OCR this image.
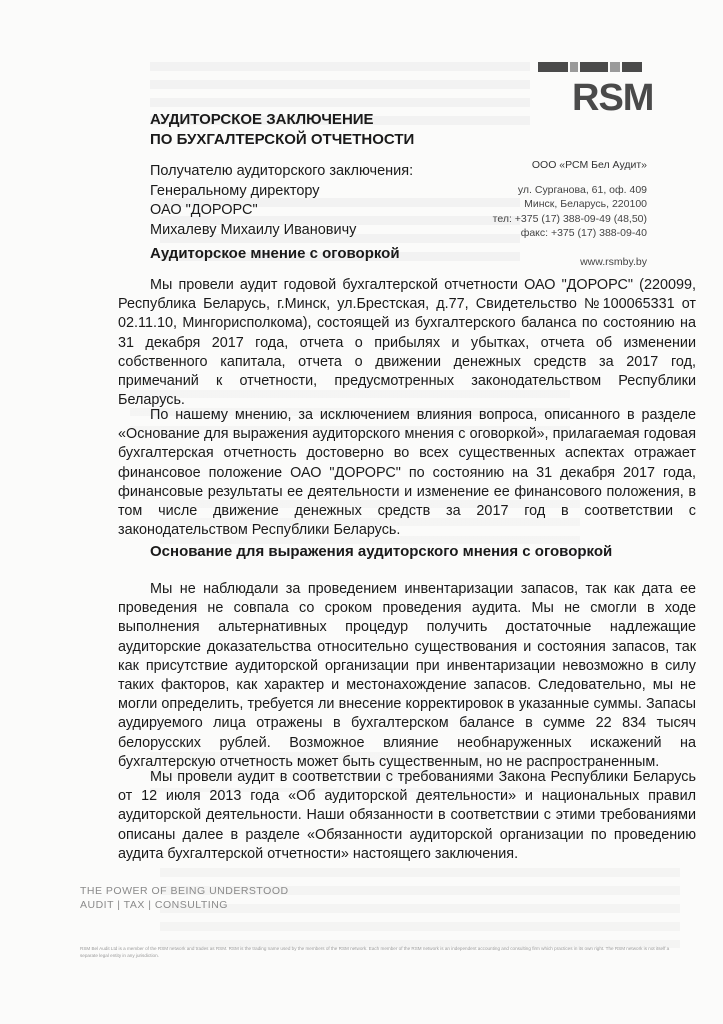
RSM
АУДИТОРСКОЕ ЗАКЛЮЧЕНИЕ
ПО БУХГАЛТЕРСКОЙ ОТЧЕТНОСТИ
Получателю аудиторского заключения:
Генеральному директору
ОАО "ДОРОРС"
Михалеву Михаилу Ивановичу
ООО «РСМ Бел Аудит»
ул. Сурганова, 61, оф. 409
Минск, Беларусь, 220100
тел: +375 (17) 388-09-49 (48,50)
факс: +375 (17) 388-09-40
www.rsmby.by
Аудиторское мнение с оговоркой
Мы провели аудит годовой бухгалтерской отчетности ОАО "ДОРОРС" (220099, Республика Беларусь, г.Минск, ул.Брестская, д.77, Свидетельство №100065331 от 02.11.10, Мингорисполкома), состоящей из бухгалтерского баланса по состоянию на 31 декабря 2017 года, отчета о прибылях и убытках, отчета об изменении собственного капитала, отчета о движении денежных средств за 2017 год, примечаний к отчетности, предусмотренных законодательством Республики Беларусь.
По нашему мнению, за исключением влияния вопроса, описанного в разделе «Основание для выражения аудиторского мнения с оговоркой», прилагаемая годовая бухгалтерская отчетность достоверно во всех существенных аспектах отражает финансовое положение ОАО "ДОРОРС" по состоянию на 31 декабря 2017 года, финансовые результаты ее деятельности и изменение ее финансового положения, в том числе движение денежных средств за 2017 год в соответствии с законодательством Республики Беларусь.
Основание для выражения аудиторского мнения с оговоркой
Мы не наблюдали за проведением инвентаризации запасов, так как дата ее проведения не совпала со сроком проведения аудита. Мы не смогли в ходе выполнения альтернативных процедур получить достаточные надлежащие аудиторские доказательства относительно существования и состояния запасов, так как присутствие аудиторской организации при инвентаризации невозможно в силу таких факторов, как характер и местонахождение запасов. Следовательно, мы не могли определить, требуется ли внесение корректировок в указанные суммы. Запасы аудируемого лица отражены в бухгалтерском балансе в сумме 22 834 тысяч белорусских рублей. Возможное влияние необнаруженных искажений на бухгалтерскую отчетность может быть существенным, но не распространенным.
Мы провели аудит в соответствии с требованиями Закона Республики Беларусь от 12 июля 2013 года «Об аудиторской деятельности» и национальных правил аудиторской деятельности. Наши обязанности в соответствии с этими требованиями описаны далее в разделе «Обязанности аудиторской организации по проведению аудита бухгалтерской отчетности» настоящего заключения.
THE POWER OF BEING UNDERSTOOD
AUDIT | TAX | CONSULTING
RSM Bel Audit Ltd is a member of the RSM network and trades as RSM. RSM is the trading name used by the members of the RSM network. Each member of the RSM network is an independent accounting and consulting firm which practices in its own right. The RSM network is not itself a separate legal entity in any jurisdiction.
